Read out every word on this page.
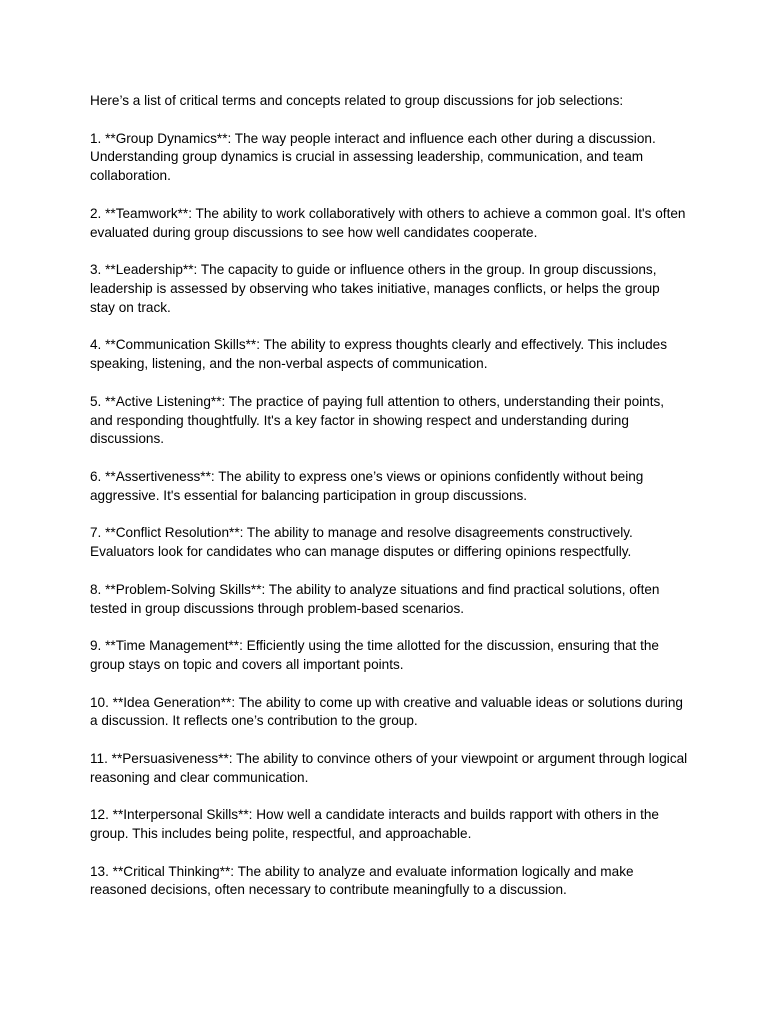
Here’s a list of critical terms and concepts related to group discussions for job selections:

1. **Group Dynamics**: The way people interact and influence each other during a discussion. Understanding group dynamics is crucial in assessing leadership, communication, and team collaboration.
2. **Teamwork**: The ability to work collaboratively with others to achieve a common goal. It's often evaluated during group discussions to see how well candidates cooperate.
3. **Leadership**: The capacity to guide or influence others in the group. In group discussions, leadership is assessed by observing who takes initiative, manages conflicts, or helps the group stay on track.
4. **Communication Skills**: The ability to express thoughts clearly and effectively. This includes speaking, listening, and the non-verbal aspects of communication.
5. **Active Listening**: The practice of paying full attention to others, understanding their points, and responding thoughtfully. It's a key factor in showing respect and understanding during discussions.
6. **Assertiveness**: The ability to express one’s views or opinions confidently without being aggressive. It's essential for balancing participation in group discussions.
7. **Conflict Resolution**: The ability to manage and resolve disagreements constructively. Evaluators look for candidates who can manage disputes or differing opinions respectfully.
8. **Problem-Solving Skills**: The ability to analyze situations and find practical solutions, often tested in group discussions through problem-based scenarios.
9. **Time Management**: Efficiently using the time allotted for the discussion, ensuring that the group stays on topic and covers all important points.
10. **Idea Generation**: The ability to come up with creative and valuable ideas or solutions during a discussion. It reflects one’s contribution to the group.
11. **Persuasiveness**: The ability to convince others of your viewpoint or argument through logical reasoning and clear communication.
12. **Interpersonal Skills**: How well a candidate interacts and builds rapport with others in the group. This includes being polite, respectful, and approachable.
13. **Critical Thinking**: The ability to analyze and evaluate information logically and make reasoned decisions, often necessary to contribute meaningfully to a discussion.
